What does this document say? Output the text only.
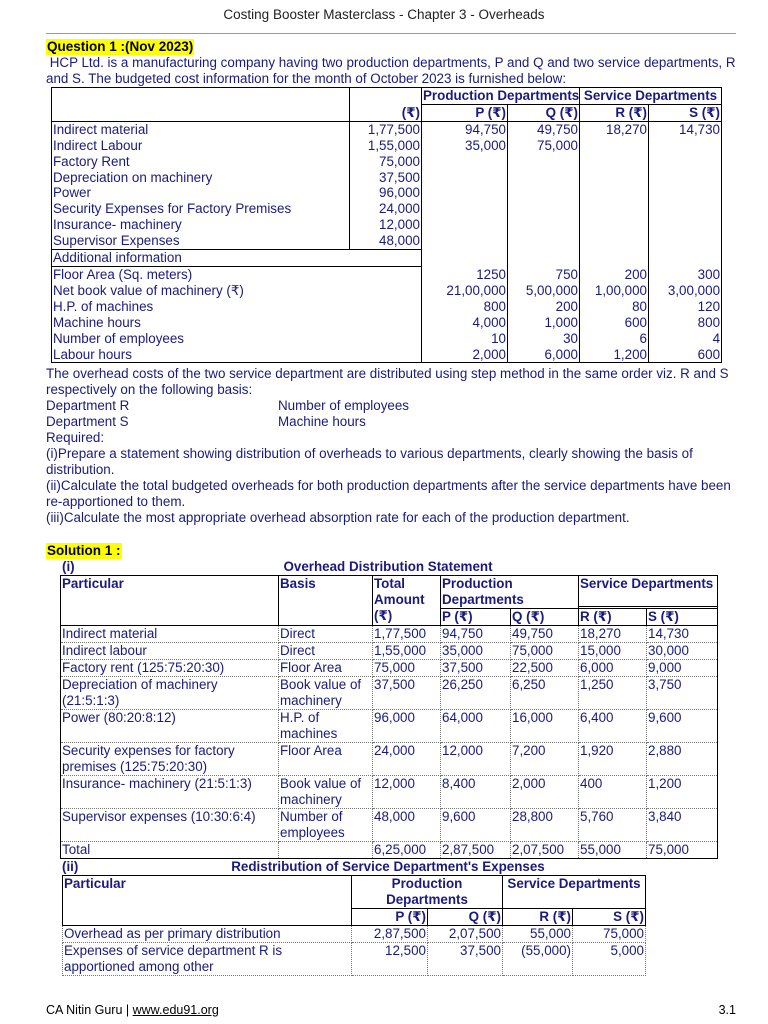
Costing Booster Masterclass - Chapter 3 - Overheads
Question 1 :(Nov 2023)

HCP Ltd. is a manufacturing company having two production departments, P and Q and two service departments, R and S. The budgeted cost information for the month of October 2023 is furnished below:

		Production Departments		Service Departments	
	(₹)	P (₹)	Q (₹)	R (₹)	S (₹)
Indirect material	1,77,500	94,750	49,750	18,270	14,730
Indirect Labour	1,55,000	35,000	75,000		
Factory Rent	75,000				
Depreciation on machinery	37,500				
Power	96,000				
Security Expenses for Factory Premises	24,000				
Insurance- machinery	12,000				
Supervisor Expenses	48,000				
Additional information					
Floor Area (Sq. meters)		1250	750	200	300
Net book value of machinery (₹)		21,00,000	5,00,000	1,00,000	3,00,000
H.P. of machines		800	200	80	120
Machine hours		4,000	1,000	600	800
Number of employees		10	30	6	4
Labour hours		2,000	6,000	1,200	600

The overhead costs of the two service department are distributed using step method in the same order viz. R and S respectively on the following basis:

Department R	Number of employees
Department S	Machine hours

Required:

(i)Prepare a statement showing distribution of overheads to various departments, clearly showing the basis of distribution.

(ii)Calculate the total budgeted overheads for both production departments after the service departments have been re-apportioned to them.

(iii)Calculate the most appropriate overhead absorption rate for each of the production department.

Solution 1 :
(i)	Overhead Distribution Statement
Particular	Basis	Total Amount (₹)	Production Departments		Service Departments	

			P (₹)	Q (₹)	R (₹)	S (₹)
Indirect material	Direct	1,77,500	94,750	49,750	18,270	14,730
Indirect labour	Direct	1,55,000	35,000	75,000	15,000	30,000
Factory rent (125:75:20:30)	Floor Area	75,000	37,500	22,500	6,000	9,000
Depreciation of machinery (21:5:1:3)	Book value of machinery	37,500	26,250	6,250	1,250	3,750
Power (80:20:8:12)	H.P. of machines	96,000	64,000	16,000	6,400	9,600
Security expenses for factory premises (125:75:20:30)	Floor Area	24,000	12,000	7,200	1,920	2,880
Insurance- machinery (21:5:1:3)	Book value of machinery	12,000	8,400	2,000	400	1,200
Supervisor expenses (10:30:6:4)	Number of employees	48,000	9,600	28,800	5,760	3,840
Total		6,25,000	2,87,500	2,07,500	55,000	75,000
(ii)	Redistribution of Service Department's Expenses
Particular	Production Departments		Service Departments	
	P (₹)	Q (₹)	R (₹)	S (₹)
Overhead as per primary distribution	2,87,500	2,07,500	55,000	75,000
Expenses of service department R is apportioned among other	12,500	37,500	(55,000)	5,000
CA Nitin Guru | www.edu91.org	3.1
